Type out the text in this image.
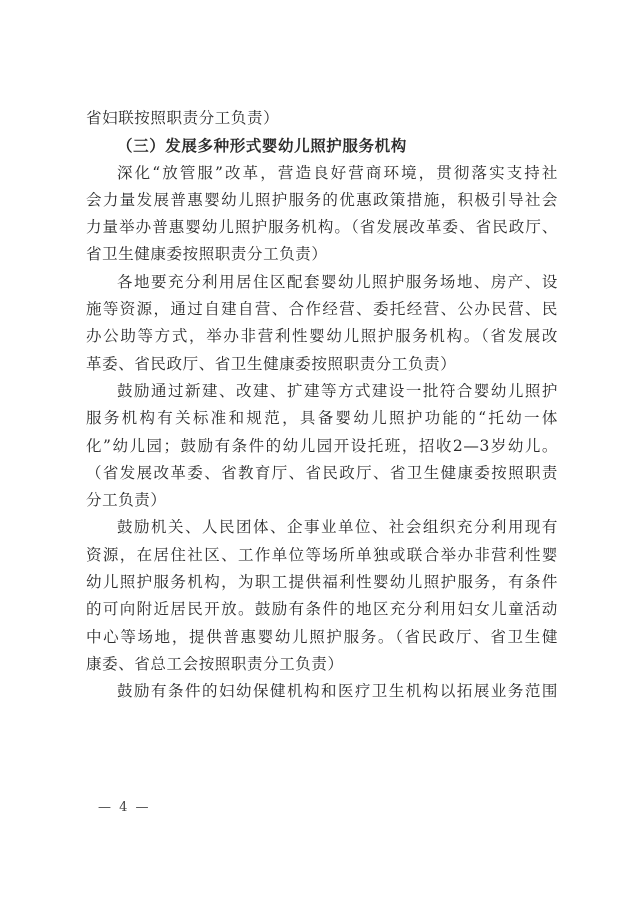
省妇联按照职责分工负责）
（三）发展多种形式婴幼儿照护服务机构
深化“放管服”改革，营造良好营商环境，贯彻落实支持社
会力量发展普惠婴幼儿照护服务的优惠政策措施，积极引导社会
力量举办普惠婴幼儿照护服务机构。（省发展改革委、省民政厅、
省卫生健康委按照职责分工负责）
各地要充分利用居住区配套婴幼儿照护服务场地、房产、设
施等资源，通过自建自营、合作经营、委托经营、公办民营、民
办公助等方式，举办非营利性婴幼儿照护服务机构。（省发展改
革委、省民政厅、省卫生健康委按照职责分工负责）
鼓励通过新建、改建、扩建等方式建设一批符合婴幼儿照护
服务机构有关标准和规范，具备婴幼儿照护功能的“托幼一体
化”幼儿园；鼓励有条件的幼儿园开设托班，招收2—3岁幼儿。
（省发展改革委、省教育厅、省民政厅、省卫生健康委按照职责
分工负责）
鼓励机关、人民团体、企事业单位、社会组织充分利用现有
资源，在居住社区、工作单位等场所单独或联合举办非营利性婴
幼儿照护服务机构，为职工提供福利性婴幼儿照护服务，有条件
的可向附近居民开放。鼓励有条件的地区充分利用妇女儿童活动
中心等场地，提供普惠婴幼儿照护服务。（省民政厅、省卫生健
康委、省总工会按照职责分工负责）
鼓励有条件的妇幼保健机构和医疗卫生机构以拓展业务范围
— 4 —
